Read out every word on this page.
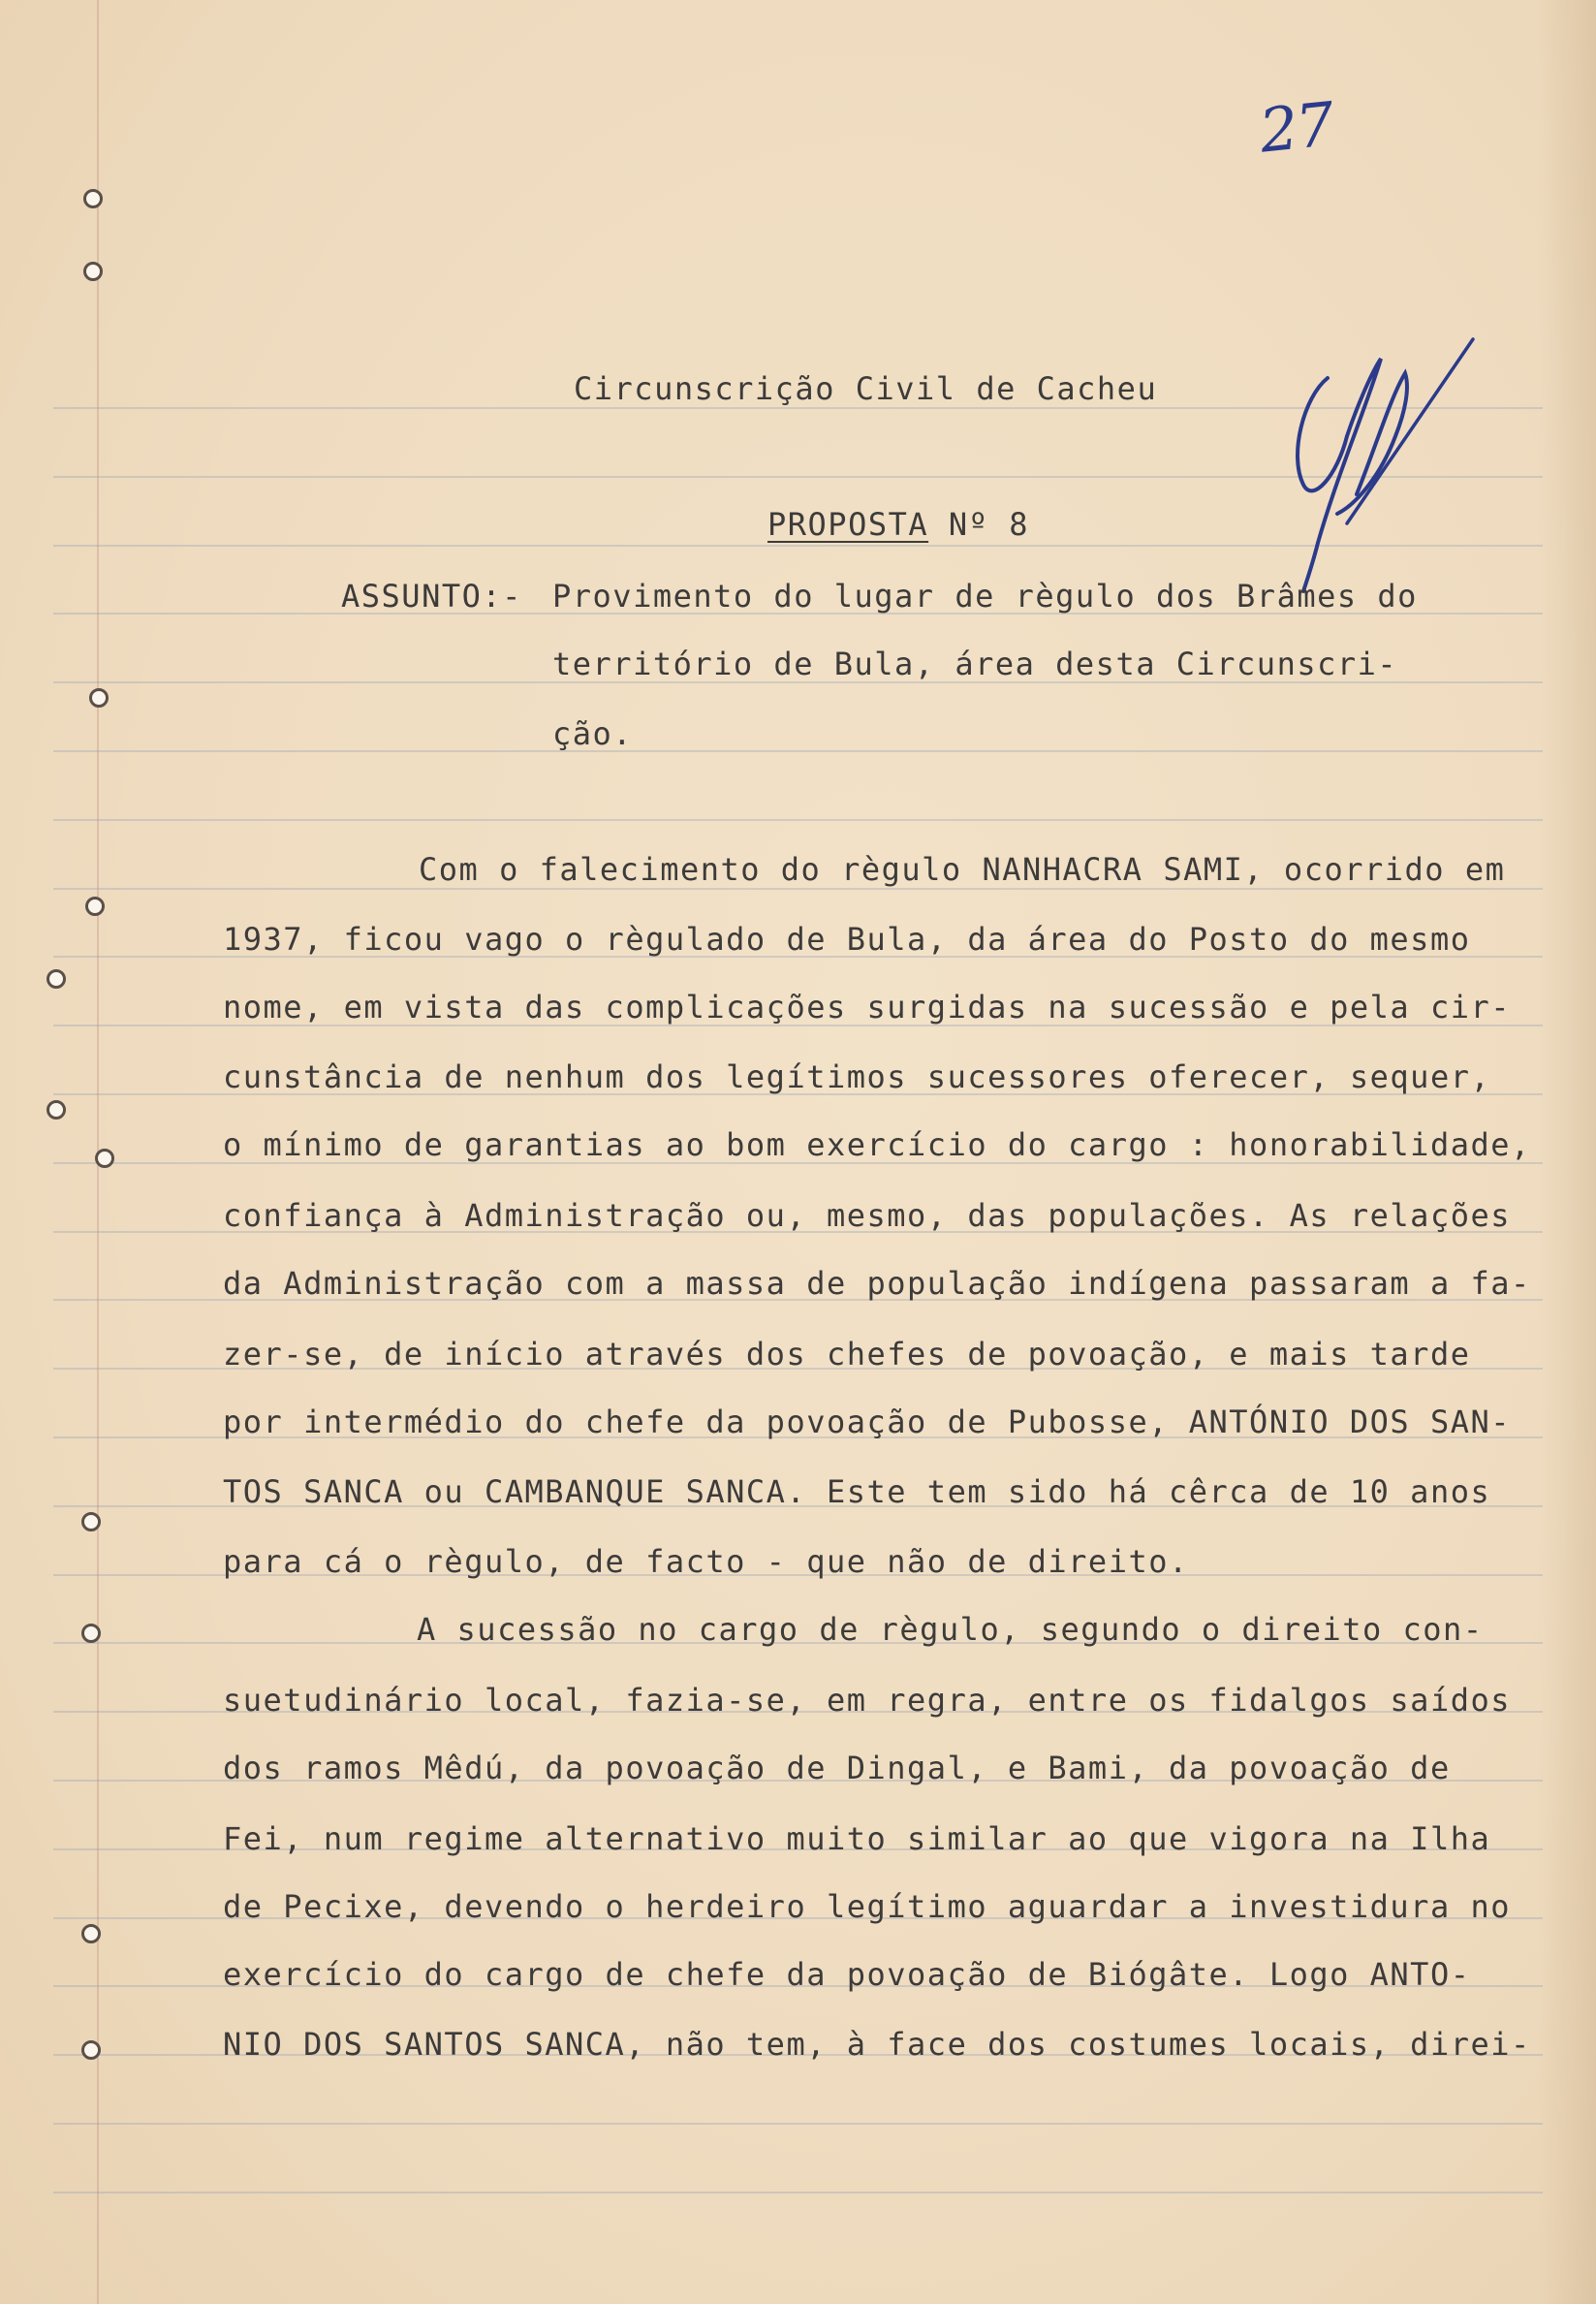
27
Circunscrição Civil de Cacheu
PROPOSTA Nº 8
ASSUNTO:- Provimento do lugar de règulo dos Brâmes do
território de Bula, área desta Circunscri-
ção.
Com o falecimento do règulo NANHACRA SAMI, ocorrido em
1937, ficou vago o règulado de Bula, da área do Posto do mesmo
nome, em vista das complicações surgidas na sucessão e pela cir-
cunstância de nenhum dos legítimos sucessores oferecer, sequer,
o mínimo de garantias ao bom exercício do cargo : honorabilidade,
confiança à Administração ou, mesmo, das populações. As relações
da Administração com a massa de população indígena passaram a fa-
zer-se, de início através dos chefes de povoação, e mais tarde
por intermédio do chefe da povoação de Pubosse, ANTÓNIO DOS SAN-
TOS SANCA ou CAMBANQUE SANCA. Este tem sido há cêrca de 10 anos
para cá o règulo, de facto - que não de direito.
A sucessão no cargo de règulo, segundo o direito con-
suetudinário local, fazia-se, em regra, entre os fidalgos saídos
dos ramos Mêdú, da povoação de Dingal, e Bami, da povoação de
Fei, num regime alternativo muito similar ao que vigora na Ilha
de Pecixe, devendo o herdeiro legítimo aguardar a investidura no
exercício do cargo de chefe da povoação de Biógâte. Logo ANTO-
NIO DOS SANTOS SANCA, não tem, à face dos costumes locais, direi-
